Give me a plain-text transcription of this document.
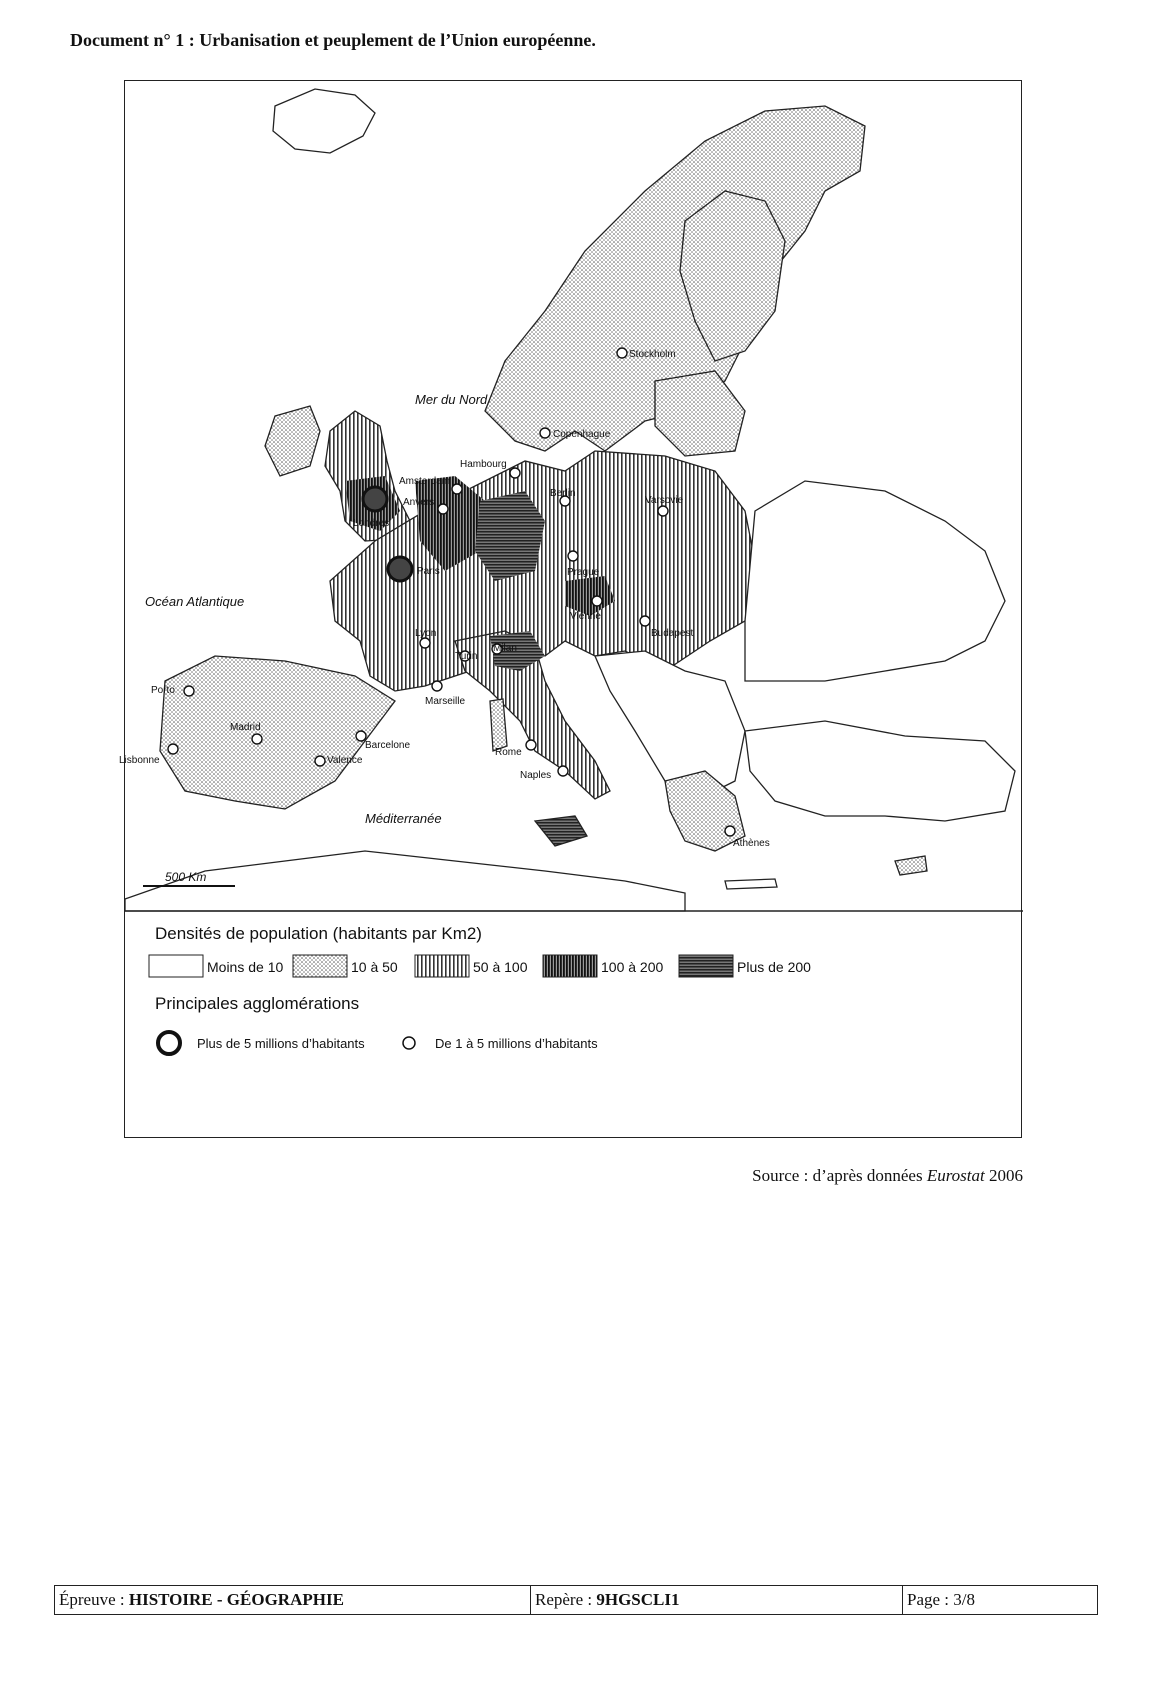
Document n° 1 : Urbanisation et peuplement de l’Union européenne.
Mer du Nord
Océan Atlantique
Méditerranée
500 Km
Londres
Paris
Stockholm
Copenhague
Hambourg
Amsterdam
Anvers
Berlin
Varsovie
Prague
Vienne
Budapest
Lyon
Turin
Milan
Marseille
Porto
Madrid
Barcelone
Valence
Lisbonne
Rome
Naples
Athènes
Densités de population (habitants par Km2)
Moins de 10	10 à 50	50 à 100	100 à 200	Plus de 200
Principales agglomérations
Plus de 5 millions d’habitants	De 1 à 5 millions d’habitants
Source : d’après données Eurostat 2006
Épreuve : HISTOIRE - GÉOGRAPHIE	Repère : 9HGSCLI1	Page : 3/8
